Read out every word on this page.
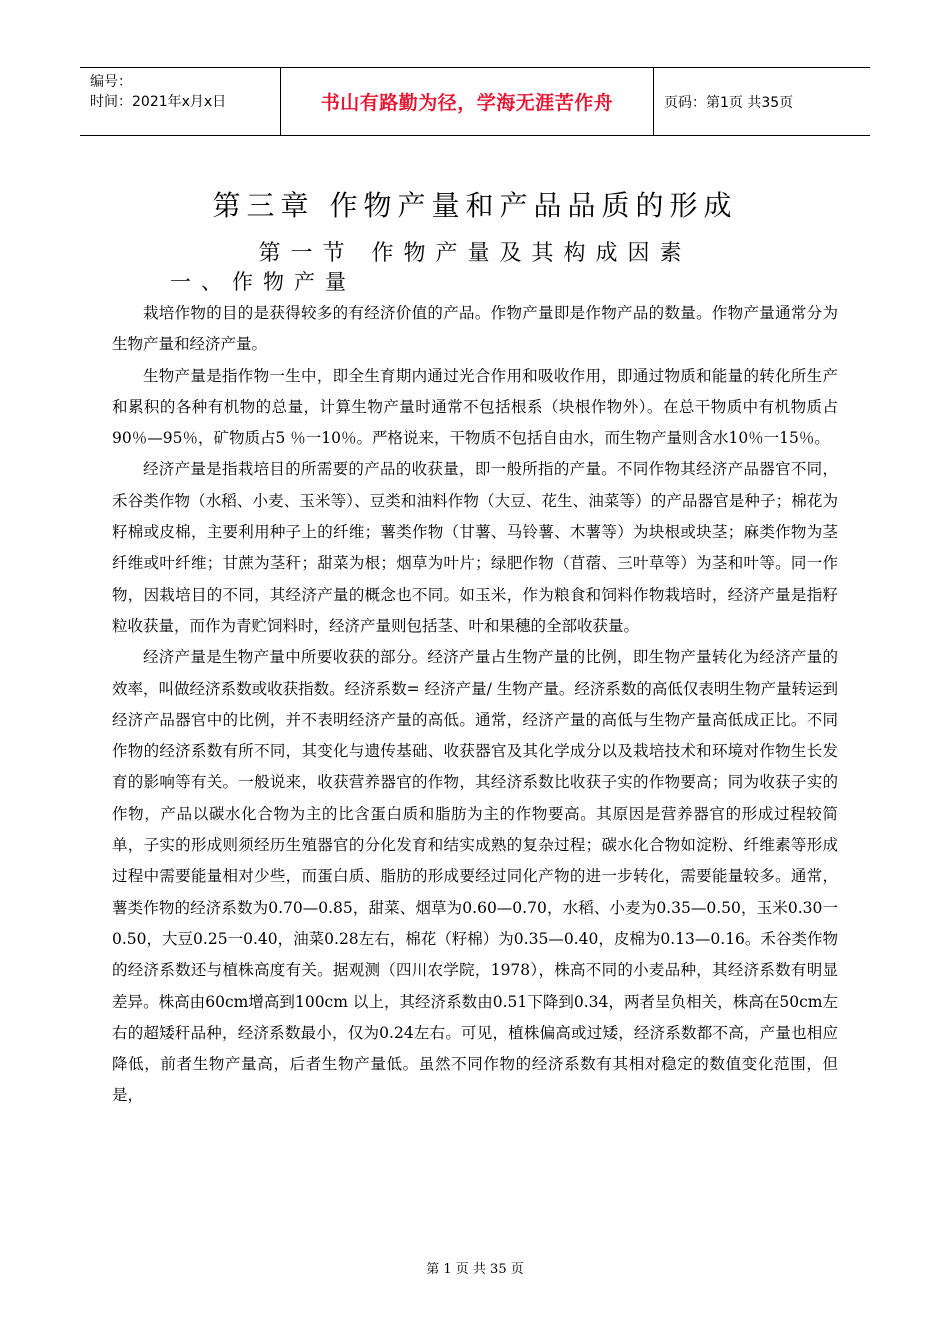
编号：
时间：2021年x月x日	书山有路勤为径，学海无涯苦作舟	页码：第1页 共35页
第三章 作物产量和产品品质的形成
第一节 作物产量及其构成因素
一、作物产量

栽培作物的目的是获得较多的有经济价值的产品。作物产量即是作物产品的数量。作物产量通常分为生物产量和经济产量。

生物产量是指作物一生中，即全生育期内通过光合作用和吸收作用，即通过物质和能量的转化所生产和累积的各种有机物的总量，计算生物产量时通常不包括根系（块根作物外）。在总干物质中有机物质占90％—95％，矿物质占5 ％一10％。严格说来，干物质不包括自由水，而生物产量则含水10％一15％。

经济产量是指栽培目的所需要的产品的收获量，即一般所指的产量。不同作物其经济产品器官不同，禾谷类作物（水稻、小麦、玉米等）、豆类和油料作物（大豆、花生、油菜等）的产品器官是种子；棉花为籽棉或皮棉，主要利用种子上的纤维；薯类作物（甘薯、马铃薯、木薯等）为块根或块茎；麻类作物为茎纤维或叶纤维；甘蔗为茎秆；甜菜为根；烟草为叶片；绿肥作物（苜蓿、三叶草等）为茎和叶等。同一作物，因栽培目的不同，其经济产量的概念也不同。如玉米，作为粮食和饲料作物栽培时，经济产量是指籽粒收获量，而作为青贮饲料时，经济产量则包括茎、叶和果穗的全部收获量。

经济产量是生物产量中所要收获的部分。经济产量占生物产量的比例，即生物产量转化为经济产量的效率，叫做经济系数或收获指数。经济系数= 经济产量/ 生物产量。经济系数的高低仅表明生物产量转运到经济产品器官中的比例，并不表明经济产量的高低。通常，经济产量的高低与生物产量高低成正比。不同作物的经济系数有所不同，其变化与遗传基础、收获器官及其化学成分以及栽培技术和环境对作物生长发育的影响等有关。一般说来，收获营养器官的作物，其经济系数比收获子实的作物要高；同为收获子实的作物，产品以碳水化合物为主的比含蛋白质和脂肪为主的作物要高。其原因是营养器官的形成过程较简单，子实的形成则须经历生殖器官的分化发育和结实成熟的复杂过程；碳水化合物如淀粉、纤维素等形成过程中需要能量相对少些，而蛋白质、脂肪的形成要经过同化产物的进一步转化，需要能量较多。通常，薯类作物的经济系数为0.70—0.85，甜菜、烟草为0.60—0.70，水稻、小麦为0.35—0.50，玉米0.30一0.50，大豆0.25一0.40，油菜0.28左右，棉花（籽棉）为0.35—0.40，皮棉为0.13—0.16。禾谷类作物的经济系数还与植株高度有关。据观测（四川农学院，1978），株高不同的小麦品种，其经济系数有明显差异。株高由60cm增高到100cm 以上，其经济系数由0.51下降到0.34，两者呈负相关，株高在50cm左右的超矮秆品种，经济系数最小，仅为0.24左右。可见，植株偏高或过矮，经济系数都不高，产量也相应降低，前者生物产量高，后者生物产量低。虽然不同作物的经济系数有其相对稳定的数值变化范围，但是，

第 1 页 共 35 页
